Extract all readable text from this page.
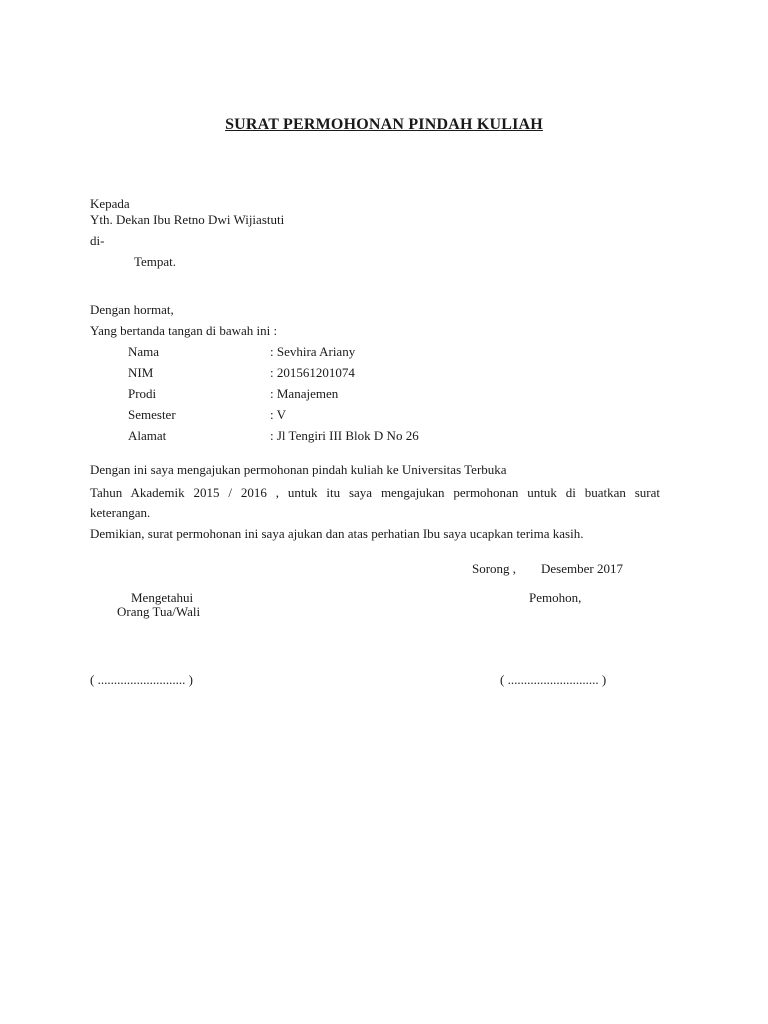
SURAT PERMOHONAN PINDAH KULIAH
Kepada
Yth. Dekan Ibu Retno Dwi Wijiastuti
di-
Tempat.
Dengan hormat,
Yang bertanda tangan di bawah ini :
Nama	: Sevhira Ariany
NIM	: 201561201074
Prodi	: Manajemen
Semester	: V
Alamat	: Jl Tengiri III Blok D No 26
Dengan ini saya mengajukan permohonan pindah kuliah ke Universitas Terbuka
Tahun Akademik 2015 / 2016 , untuk itu saya mengajukan permohonan untuk di buatkan surat
keterangan.
Demikian, surat permohonan ini saya ajukan dan atas perhatian Ibu saya ucapkan terima kasih.
Sorong , Desember 2017
Mengetahui
Orang Tua/Wali
Pemohon,
( ........................... )	( ............................ )
